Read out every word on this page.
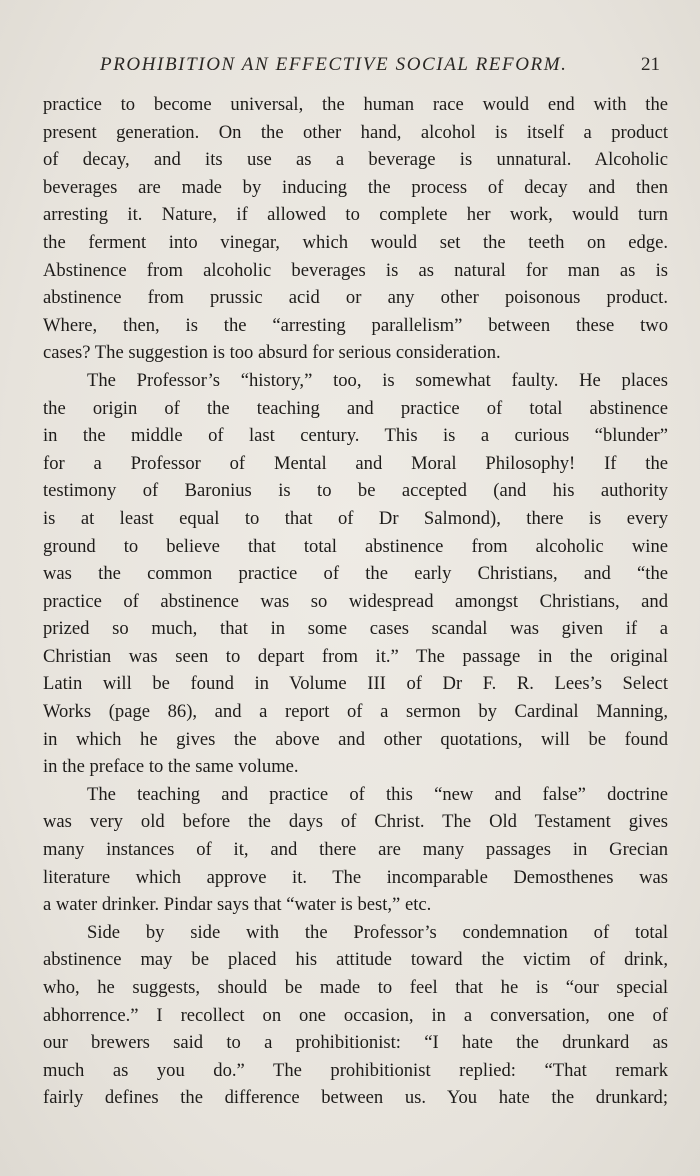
PROHIBITION AN EFFECTIVE SOCIAL REFORM.	21
practice to become universal, the human race would end with the
present generation. On the other hand, alcohol is itself a product
of decay, and its use as a beverage is unnatural. Alcoholic
beverages are made by inducing the process of decay and then
arresting it. Nature, if allowed to complete her work, would turn
the ferment into vinegar, which would set the teeth on edge.
Abstinence from alcoholic beverages is as natural for man as is
abstinence from prussic acid or any other poisonous product.
Where, then, is the “arresting parallelism” between these two
cases? The suggestion is too absurd for serious consideration.
The Professor’s “history,” too, is somewhat faulty. He places
the origin of the teaching and practice of total abstinence
in the middle of last century. This is a curious “blunder”
for a Professor of Mental and Moral Philosophy! If the
testimony of Baronius is to be accepted (and his authority
is at least equal to that of Dr Salmond), there is every
ground to believe that total abstinence from alcoholic wine
was the common practice of the early Christians, and “the
practice of abstinence was so widespread amongst Christians, and
prized so much, that in some cases scandal was given if a
Christian was seen to depart from it.” The passage in the original
Latin will be found in Volume III of Dr F. R. Lees’s Select
Works (page 86), and a report of a sermon by Cardinal Manning,
in which he gives the above and other quotations, will be found
in the preface to the same volume.
The teaching and practice of this “new and false” doctrine
was very old before the days of Christ. The Old Testament gives
many instances of it, and there are many passages in Grecian
literature which approve it. The incomparable Demosthenes was
a water drinker. Pindar says that “water is best,” etc.
Side by side with the Professor’s condemnation of total
abstinence may be placed his attitude toward the victim of drink,
who, he suggests, should be made to feel that he is “our special
abhorrence.” I recollect on one occasion, in a conversation, one of
our brewers said to a prohibitionist: “I hate the drunkard as
much as you do.” The prohibitionist replied: “That remark
fairly defines the difference between us. You hate the drunkard;
